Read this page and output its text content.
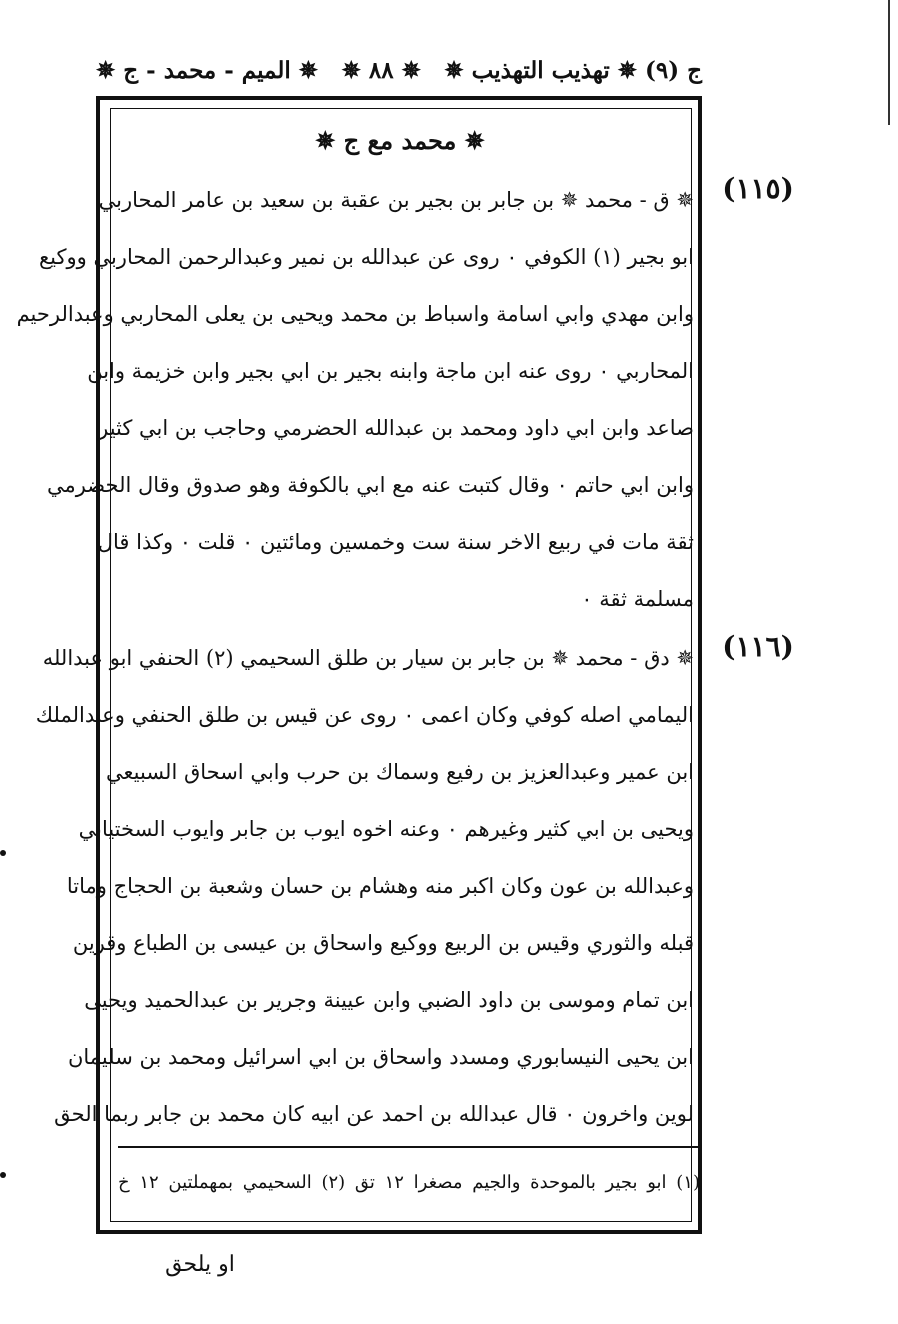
ج (٩) ✵ تهذيب التهذيب ✵
✵ ٨٨ ✵
✵ الميم - محمد - ج ✵
✵ محمد مع ج ✵
(١١٥)
✵ ق - محمد ✵ بن جابر بن بجير بن عقبة بن سعيد بن عامر المحاربي
ابو بجير (١) الكوفي ٠ روى عن عبدالله بن نمير وعبدالرحمن المحاربي ووكيع
وابن مهدي وابي اسامة واسباط بن محمد ويحيى بن يعلى المحاربي وعبدالرحيم
المحاربي ٠ روى عنه ابن ماجة وابنه بجير بن ابي بجير وابن خزيمة وابن
صاعد وابن ابي داود ومحمد بن عبدالله الحضرمي وحاجب بن ابي كثير
وابن ابي حاتم ٠ وقال كتبت عنه مع ابي بالكوفة وهو صدوق وقال الحضرمي
ثقة مات في ربيع الاخر سنة ست وخمسين ومائتين ٠ قلت ٠ وكذا قال
مسلمة ثقة ٠
(١١٦)
✵ دق - محمد ✵ بن جابر بن سيار بن طلق السحيمي (٢) الحنفي ابو عبدالله
اليمامي اصله كوفي وكان اعمى ٠ روى عن قيس بن طلق الحنفي وعبدالملك
ابن عمير وعبدالعزيز بن رفيع وسماك بن حرب وابي اسحاق السبيعي
ويحيى بن ابي كثير وغيرهم ٠ وعنه اخوه ايوب بن جابر وايوب السختياني
وعبدالله بن عون وكان اكبر منه وهشام بن حسان وشعبة بن الحجاج وماتا
قبله والثوري وقيس بن الربيع ووكيع واسحاق بن عيسى بن الطباع وقرين
ابن تمام وموسى بن داود الضبي وابن عيينة وجرير بن عبدالحميد ويحيى
ابن يحيى النيسابوري ومسدد واسحاق بن ابي اسرائيل ومحمد بن سليمان
لوين واخرون ٠ قال عبدالله بن احمد عن ابيه كان محمد بن جابر ربما الحق
(١) ابو بجير بالموحدة والجيم مصغرا ١٢ تق (٢) السحيمي بمهملتين ١٢ خ
او يلحق
